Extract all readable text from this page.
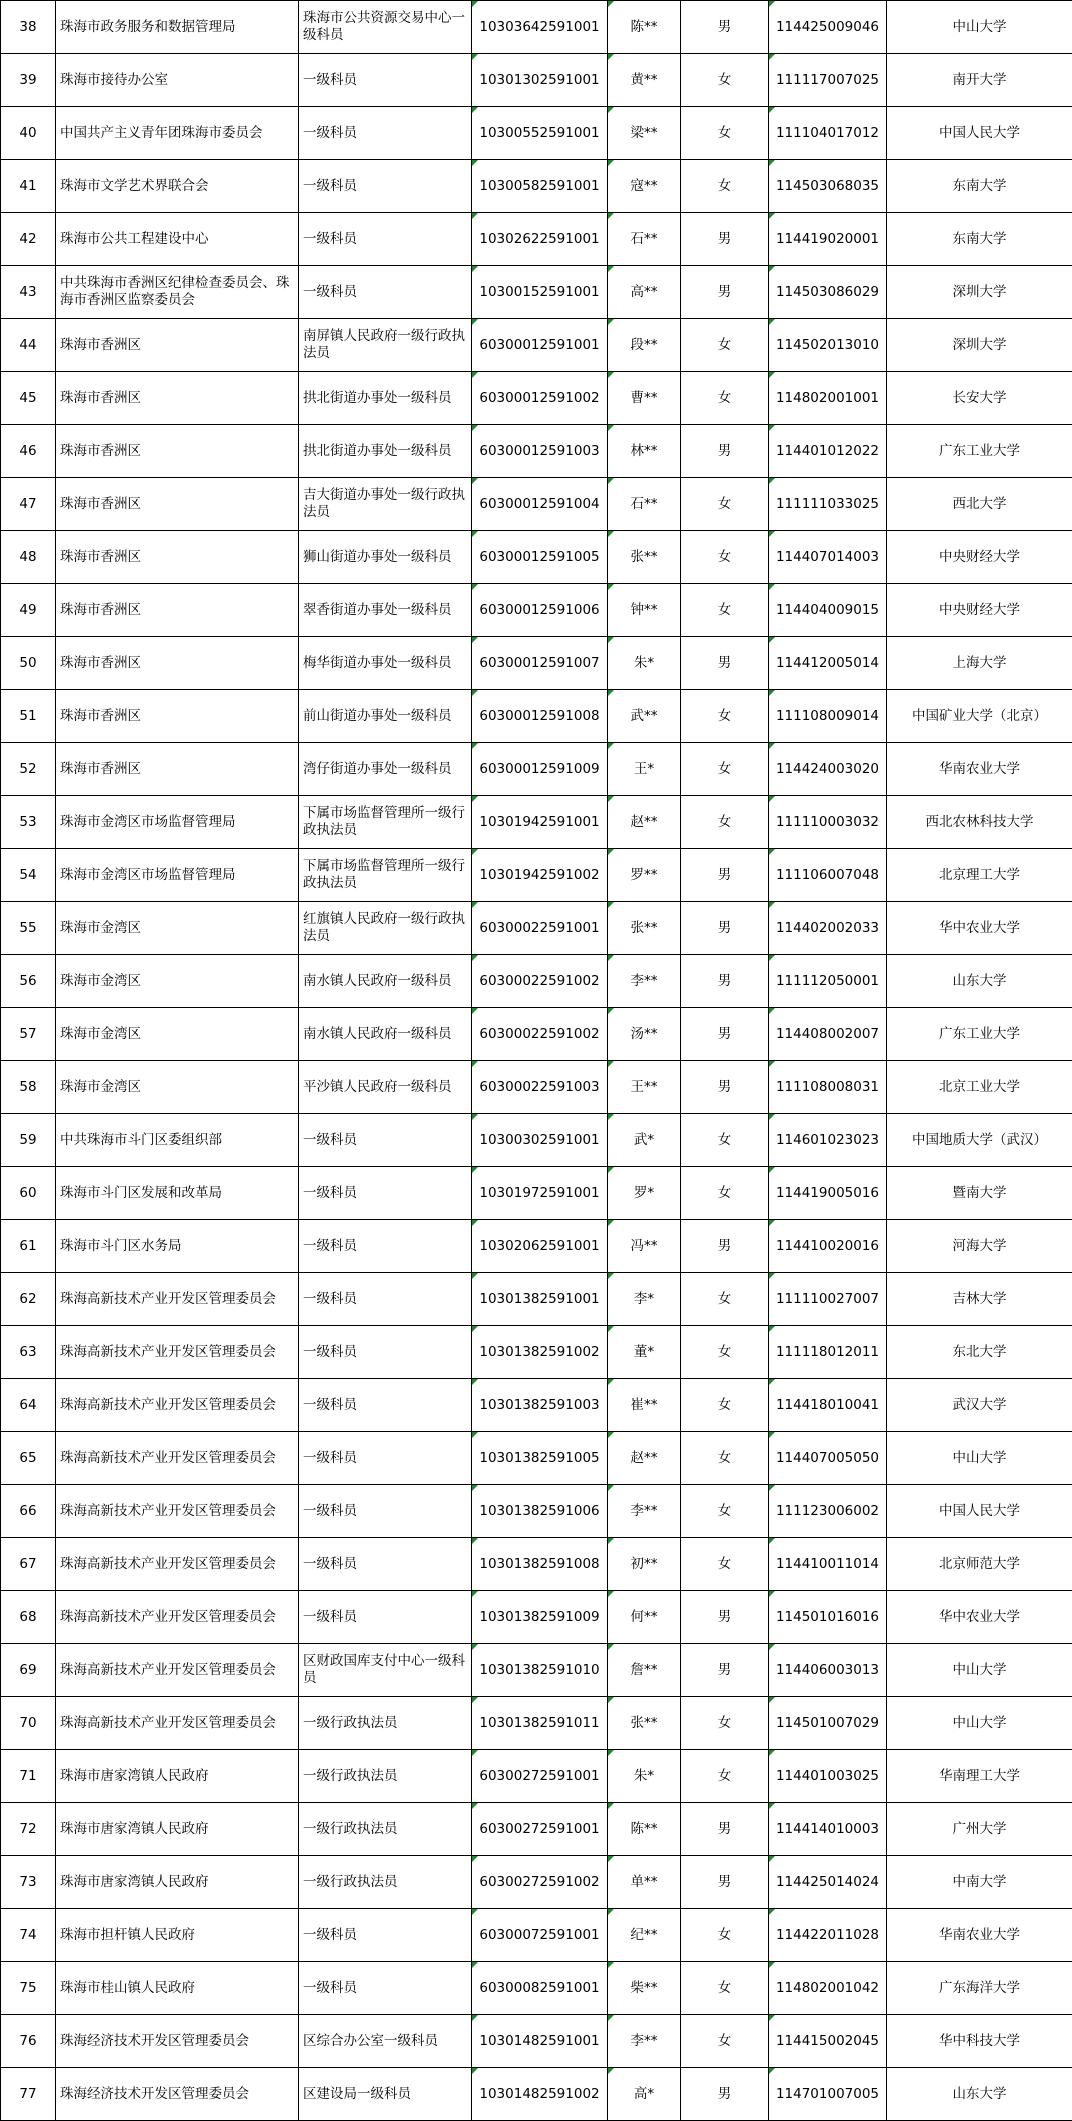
38	珠海市政务服务和数据管理局	珠海市公共资源交易中心一级科员	10303642591001	陈**	男	114425009046	中山大学
39	珠海市接待办公室	一级科员	10301302591001	黄**	女	111117007025	南开大学
40	中国共产主义青年团珠海市委员会	一级科员	10300552591001	梁**	女	111104017012	中国人民大学
41	珠海市文学艺术界联合会	一级科员	10300582591001	寇**	女	114503068035	东南大学
42	珠海市公共工程建设中心	一级科员	10302622591001	石**	男	114419020001	东南大学
43	中共珠海市香洲区纪律检查委员会、珠海市香洲区监察委员会	一级科员	10300152591001	高**	男	114503086029	深圳大学
44	珠海市香洲区	南屏镇人民政府一级行政执法员	60300012591001	段**	女	114502013010	深圳大学
45	珠海市香洲区	拱北街道办事处一级科员	60300012591002	曹**	女	114802001001	长安大学
46	珠海市香洲区	拱北街道办事处一级科员	60300012591003	林**	男	114401012022	广东工业大学
47	珠海市香洲区	吉大街道办事处一级行政执法员	60300012591004	石**	女	111111033025	西北大学
48	珠海市香洲区	狮山街道办事处一级科员	60300012591005	张**	女	114407014003	中央财经大学
49	珠海市香洲区	翠香街道办事处一级科员	60300012591006	钟**	女	114404009015	中央财经大学
50	珠海市香洲区	梅华街道办事处一级科员	60300012591007	朱*	男	114412005014	上海大学
51	珠海市香洲区	前山街道办事处一级科员	60300012591008	武**	女	111108009014	中国矿业大学（北京）
52	珠海市香洲区	湾仔街道办事处一级科员	60300012591009	王*	女	114424003020	华南农业大学
53	珠海市金湾区市场监督管理局	下属市场监督管理所一级行政执法员	10301942591001	赵**	女	111110003032	西北农林科技大学
54	珠海市金湾区市场监督管理局	下属市场监督管理所一级行政执法员	10301942591002	罗**	男	111106007048	北京理工大学
55	珠海市金湾区	红旗镇人民政府一级行政执法员	60300022591001	张**	男	114402002033	华中农业大学
56	珠海市金湾区	南水镇人民政府一级科员	60300022591002	李**	男	111112050001	山东大学
57	珠海市金湾区	南水镇人民政府一级科员	60300022591002	汤**	男	114408002007	广东工业大学
58	珠海市金湾区	平沙镇人民政府一级科员	60300022591003	王**	男	111108008031	北京工业大学
59	中共珠海市斗门区委组织部	一级科员	10300302591001	武*	女	114601023023	中国地质大学（武汉）
60	珠海市斗门区发展和改革局	一级科员	10301972591001	罗*	女	114419005016	暨南大学
61	珠海市斗门区水务局	一级科员	10302062591001	冯**	男	114410020016	河海大学
62	珠海高新技术产业开发区管理委员会	一级科员	10301382591001	李*	女	111110027007	吉林大学
63	珠海高新技术产业开发区管理委员会	一级科员	10301382591002	董*	女	111118012011	东北大学
64	珠海高新技术产业开发区管理委员会	一级科员	10301382591003	崔**	女	114418010041	武汉大学
65	珠海高新技术产业开发区管理委员会	一级科员	10301382591005	赵**	女	114407005050	中山大学
66	珠海高新技术产业开发区管理委员会	一级科员	10301382591006	李**	女	111123006002	中国人民大学
67	珠海高新技术产业开发区管理委员会	一级科员	10301382591008	初**	女	114410011014	北京师范大学
68	珠海高新技术产业开发区管理委员会	一级科员	10301382591009	何**	男	114501016016	华中农业大学
69	珠海高新技术产业开发区管理委员会	区财政国库支付中心一级科员	10301382591010	詹**	男	114406003013	中山大学
70	珠海高新技术产业开发区管理委员会	一级行政执法员	10301382591011	张**	女	114501007029	中山大学
71	珠海市唐家湾镇人民政府	一级行政执法员	60300272591001	朱*	女	114401003025	华南理工大学
72	珠海市唐家湾镇人民政府	一级行政执法员	60300272591001	陈**	男	114414010003	广州大学
73	珠海市唐家湾镇人民政府	一级行政执法员	60300272591002	单**	男	114425014024	中南大学
74	珠海市担杆镇人民政府	一级科员	60300072591001	纪**	女	114422011028	华南农业大学
75	珠海市桂山镇人民政府	一级科员	60300082591001	柴**	女	114802001042	广东海洋大学
76	珠海经济技术开发区管理委员会	区综合办公室一级科员	10301482591001	李**	女	114415002045	华中科技大学
77	珠海经济技术开发区管理委员会	区建设局一级科员	10301482591002	高*	男	114701007005	山东大学
